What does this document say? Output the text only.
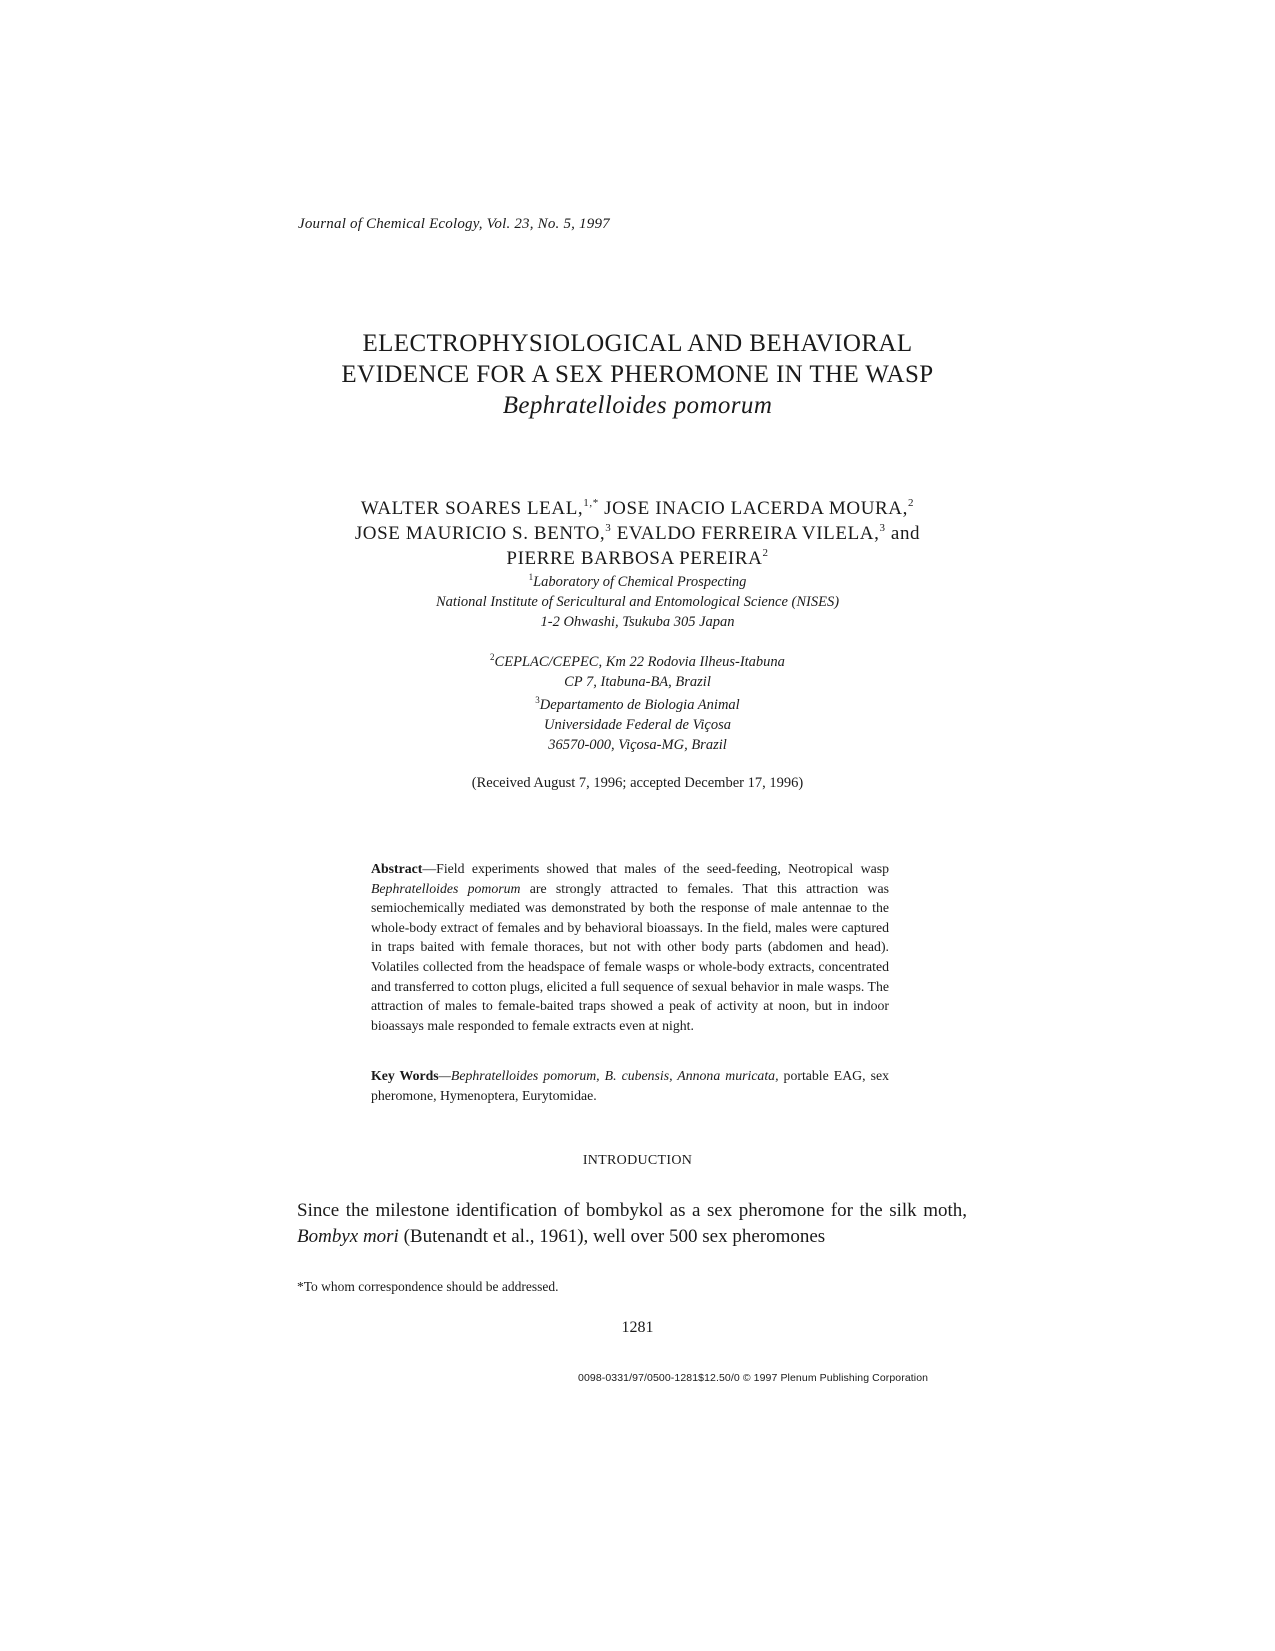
Journal of Chemical Ecology, Vol. 23, No. 5, 1997
ELECTROPHYSIOLOGICAL AND BEHAVIORAL
EVIDENCE FOR A SEX PHEROMONE IN THE WASP
Bephratelloides pomorum
WALTER SOARES LEAL,$^{1,*}$ JOSE INACIO LACERDA MOURA,$^2$
JOSE MAURICIO S. BENTO,$^3$ EVALDO FERREIRA VILELA,$^3$ and
PIERRE BARBOSA PEREIRA$^2$
$^1$Laboratory of Chemical Prospecting
National Institute of Sericultural and Entomological Science (NISES)
1-2 Ohwashi, Tsukuba 305 Japan
$^2$CEPLAC/CEPEC, Km 22 Rodovia Ilheus-Itabuna
CP 7, Itabuna-BA, Brazil
$^3$Departamento de Biologia Animal
Universidade Federal de Viçosa
36570-000, Viçosa-MG, Brazil
(Received August 7, 1996; accepted December 17, 1996)
Abstract—Field experiments showed that males of the seed-feeding, Neotropical wasp Bephratelloides pomorum are strongly attracted to females. That this attraction was semiochemically mediated was demonstrated by both the response of male antennae to the whole-body extract of females and by behavioral bioassays. In the field, males were captured in traps baited with female thoraces, but not with other body parts (abdomen and head). Volatiles collected from the headspace of female wasps or whole-body extracts, concentrated and transferred to cotton plugs, elicited a full sequence of sexual behavior in male wasps. The attraction of males to female-baited traps showed a peak of activity at noon, but in indoor bioassays male responded to female extracts even at night.
Key Words—Bephratelloides pomorum, B. cubensis, Annona muricata, portable EAG, sex pheromone, Hymenoptera, Eurytomidae.
INTRODUCTION
Since the milestone identification of bombykol as a sex pheromone for the silk moth, Bombyx mori (Butenandt et al., 1961), well over 500 sex pheromones
*To whom correspondence should be addressed.
1281
0098-0331/97/0500-1281$12.50/0 © 1997 Plenum Publishing Corporation
